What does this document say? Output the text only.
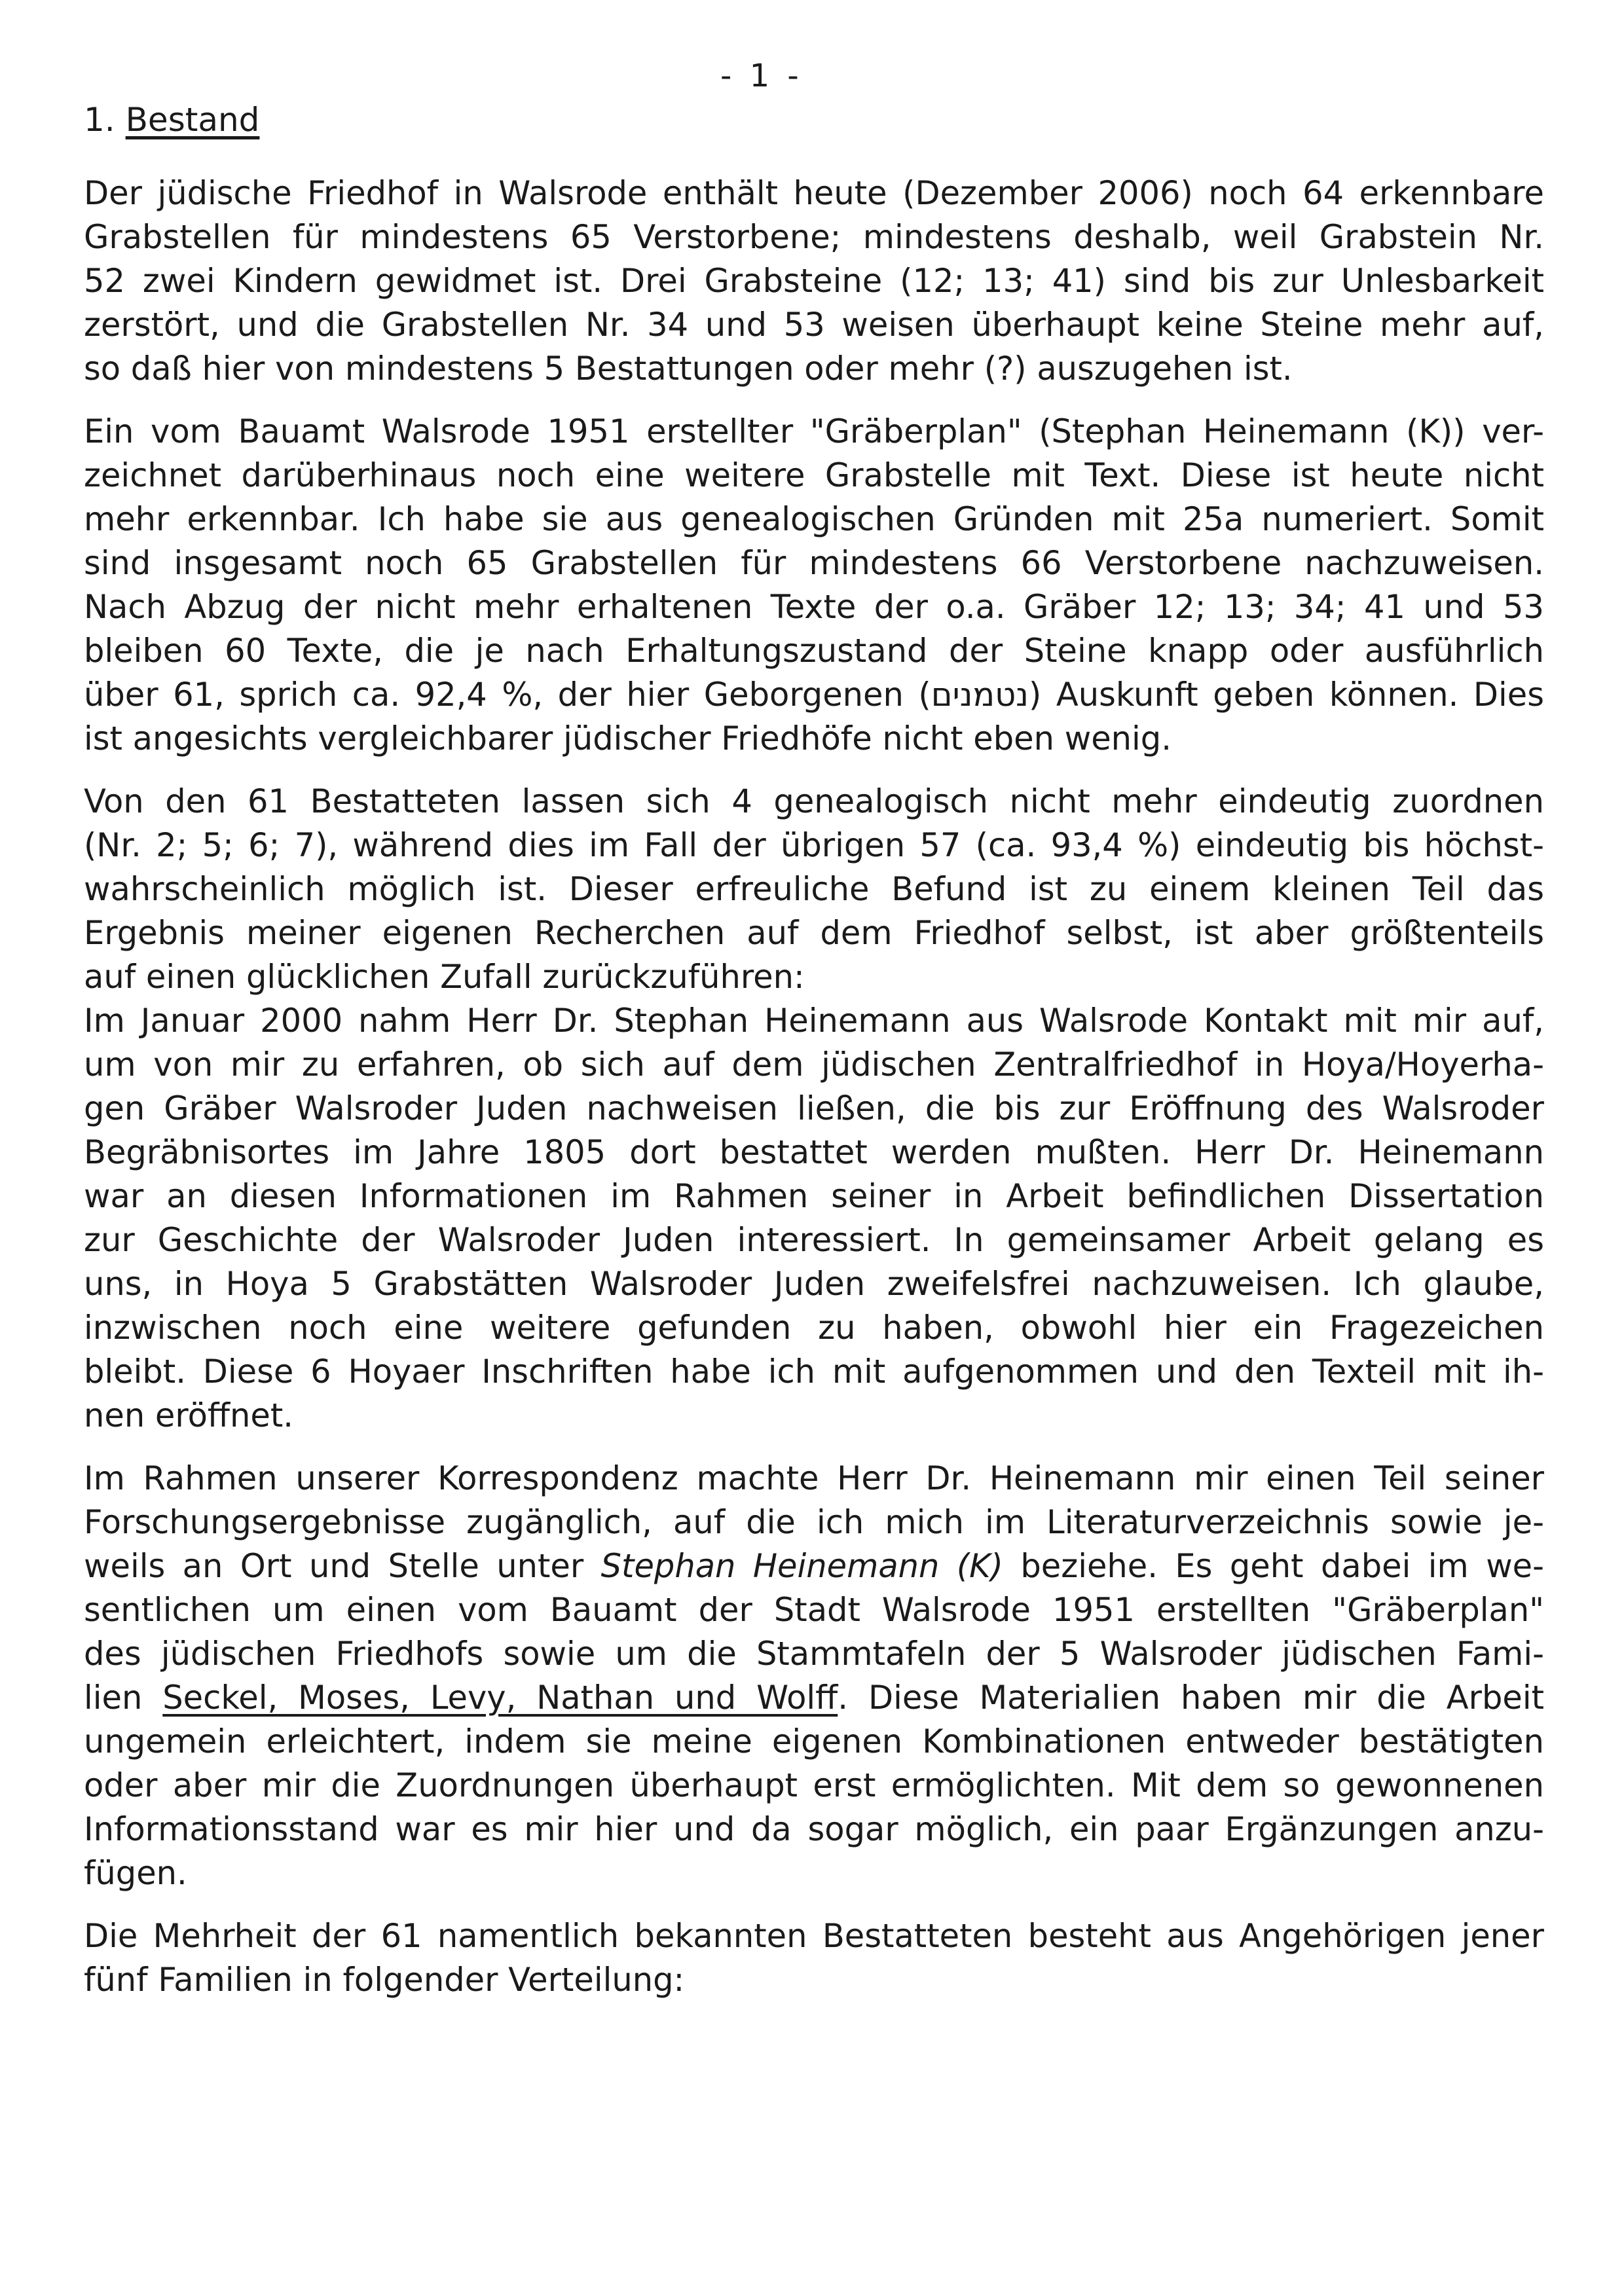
- 1 -
1. Bestand
Der jüdische Friedhof in Walsrode enthält heute (Dezember 2006) noch 64 erkennbare
Grabstellen für mindestens 65 Verstorbene; mindestens deshalb, weil Grabstein Nr.
52 zwei Kindern gewidmet ist. Drei Grabsteine (12; 13; 41) sind bis zur Unlesbarkeit
zerstört, und die Grabstellen Nr. 34 und 53 weisen überhaupt keine Steine mehr auf,
so daß hier von mindestens 5 Bestattungen oder mehr (?) auszugehen ist.
Ein vom Bauamt Walsrode 1951 erstellter "Gräberplan" (Stephan Heinemann (K)) ver-
zeichnet darüberhinaus noch eine weitere Grabstelle mit Text. Diese ist heute nicht
mehr erkennbar. Ich habe sie aus genealogischen Gründen mit 25a numeriert. Somit
sind insgesamt noch 65 Grabstellen für mindestens 66 Verstorbene nachzuweisen.
Nach Abzug der nicht mehr erhaltenen Texte der o.a. Gräber 12; 13; 34; 41 und 53
bleiben 60 Texte, die je nach Erhaltungszustand der Steine knapp oder ausführlich
über 61, sprich ca. 92,4 %, der hier Geborgenen (נטמנים) Auskunft geben können. Dies
ist angesichts vergleichbarer jüdischer Friedhöfe nicht eben wenig.
Von den 61 Bestatteten lassen sich 4 genealogisch nicht mehr eindeutig zuordnen
(Nr. 2; 5; 6; 7), während dies im Fall der übrigen 57 (ca. 93,4 %) eindeutig bis höchst-
wahrscheinlich möglich ist. Dieser erfreuliche Befund ist zu einem kleinen Teil das
Ergebnis meiner eigenen Recherchen auf dem Friedhof selbst, ist aber größtenteils
auf einen glücklichen Zufall zurückzuführen:
Im Januar 2000 nahm Herr Dr. Stephan Heinemann aus Walsrode Kontakt mit mir auf,
um von mir zu erfahren, ob sich auf dem jüdischen Zentralfriedhof in Hoya/Hoyerha-
gen Gräber Walsroder Juden nachweisen ließen, die bis zur Eröffnung des Walsroder
Begräbnisortes im Jahre 1805 dort bestattet werden mußten. Herr Dr. Heinemann
war an diesen Informationen im Rahmen seiner in Arbeit befindlichen Dissertation
zur Geschichte der Walsroder Juden interessiert. In gemeinsamer Arbeit gelang es
uns, in Hoya 5 Grabstätten Walsroder Juden zweifelsfrei nachzuweisen. Ich glaube,
inzwischen noch eine weitere gefunden zu haben, obwohl hier ein Fragezeichen
bleibt. Diese 6 Hoyaer Inschriften habe ich mit aufgenommen und den Texteil mit ih-
nen eröffnet.
Im Rahmen unserer Korrespondenz machte Herr Dr. Heinemann mir einen Teil seiner
Forschungsergebnisse zugänglich, auf die ich mich im Literaturverzeichnis sowie je-
weils an Ort und Stelle unter Stephan Heinemann (K) beziehe. Es geht dabei im we-
sentlichen um einen vom Bauamt der Stadt Walsrode 1951 erstellten "Gräberplan"
des jüdischen Friedhofs sowie um die Stammtafeln der 5 Walsroder jüdischen Fami-
lien Seckel, Moses, Levy, Nathan und Wolff. Diese Materialien haben mir die Arbeit
ungemein erleichtert, indem sie meine eigenen Kombinationen entweder bestätigten
oder aber mir die Zuordnungen überhaupt erst ermöglichten. Mit dem so gewonnenen
Informationsstand war es mir hier und da sogar möglich, ein paar Ergänzungen anzu-
fügen.
Die Mehrheit der 61 namentlich bekannten Bestatteten besteht aus Angehörigen jener
fünf Familien in folgender Verteilung:
